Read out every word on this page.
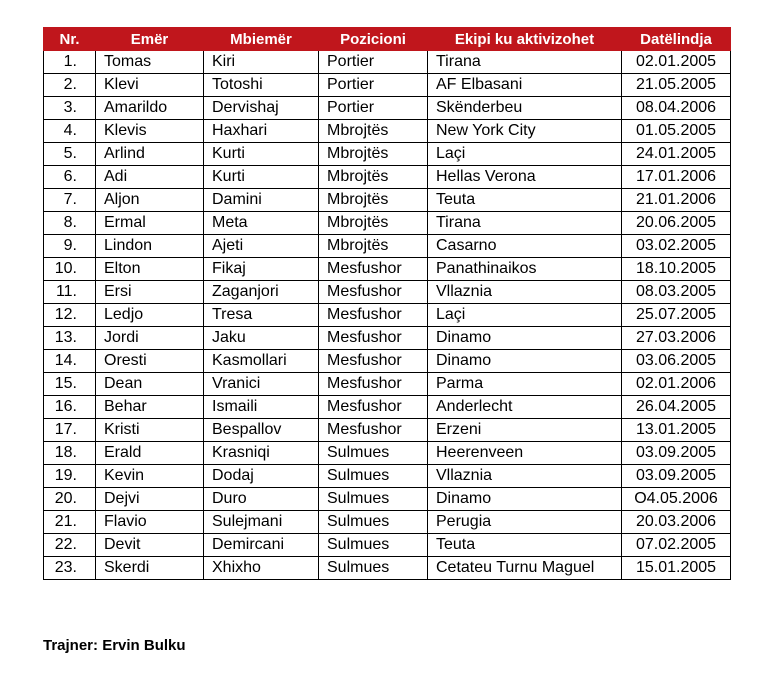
Nr.	Emër	Mbiemër	Pozicioni	Ekipi ku aktivizohet	Datëlindja
1.	Tomas	Kiri	Portier	Tirana	02.01.2005
2.	Klevi	Totoshi	Portier	AF Elbasani	21.05.2005
3.	Amarildo	Dervishaj	Portier	Skënderbeu	08.04.2006
4.	Klevis	Haxhari	Mbrojtës	New York City	01.05.2005
5.	Arlind	Kurti	Mbrojtës	Laçi	24.01.2005
6.	Adi	Kurti	Mbrojtës	Hellas Verona	17.01.2006
7.	Aljon	Damini	Mbrojtës	Teuta	21.01.2006
8.	Ermal	Meta	Mbrojtës	Tirana	20.06.2005
9.	Lindon	Ajeti	Mbrojtës	Casarno	03.02.2005
10.	Elton	Fikaj	Mesfushor	Panathinaikos	18.10.2005
11.	Ersi	Zaganjori	Mesfushor	Vllaznia	08.03.2005
12.	Ledjo	Tresa	Mesfushor	Laçi	25.07.2005
13.	Jordi	Jaku	Mesfushor	Dinamo	27.03.2006
14.	Oresti	Kasmollari	Mesfushor	Dinamo	03.06.2005
15.	Dean	Vranici	Mesfushor	Parma	02.01.2006
16.	Behar	Ismaili	Mesfushor	Anderlecht	26.04.2005
17.	Kristi	Bespallov	Mesfushor	Erzeni	13.01.2005
18.	Erald	Krasniqi	Sulmues	Heerenveen	03.09.2005
19.	Kevin	Dodaj	Sulmues	Vllaznia	03.09.2005
20.	Dejvi	Duro	Sulmues	Dinamo	O4.05.2006
21.	Flavio	Sulejmani	Sulmues	Perugia	20.03.2006
22.	Devit	Demircani	Sulmues	Teuta	07.02.2005
23.	Skerdi	Xhixho	Sulmues	Cetateu Turnu Maguel	15.01.2005
Trajner: Ervin Bulku
